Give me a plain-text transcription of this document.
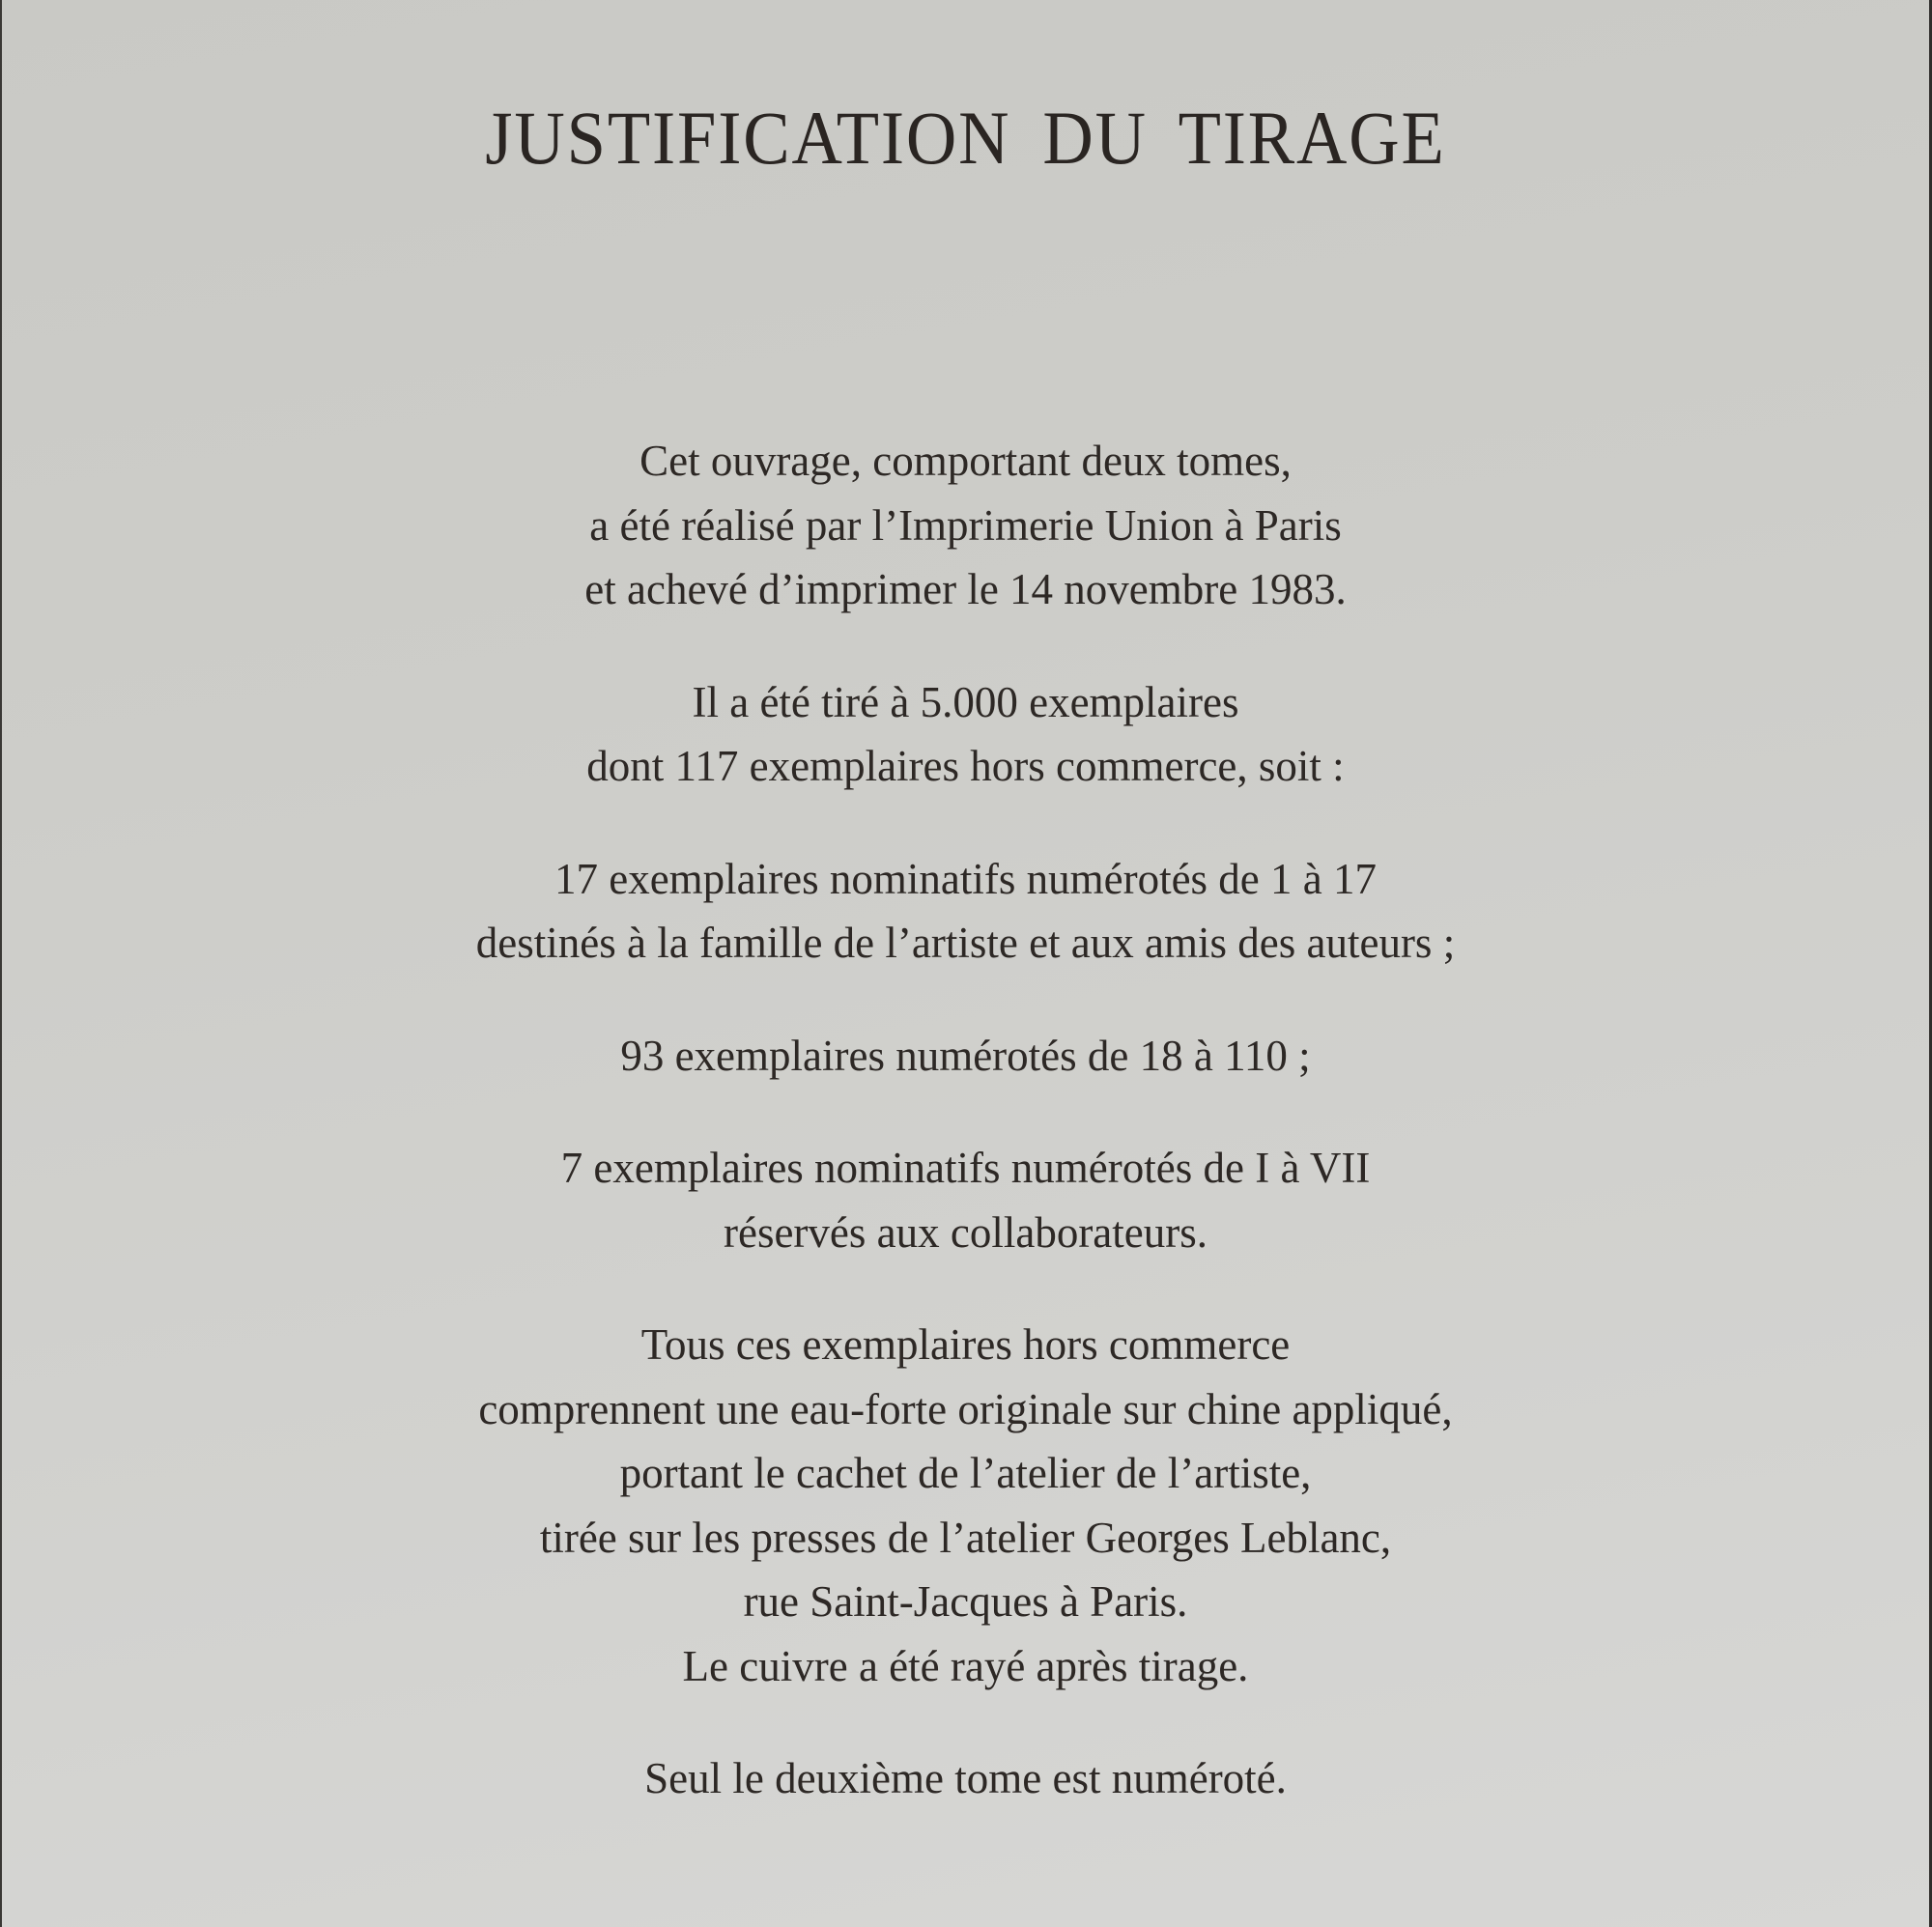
JUSTIFICATION DU TIRAGE

Cet ouvrage, comportant deux tomes,
a été réalisé par l’Imprimerie Union à Paris
et achevé d’imprimer le 14 novembre 1983.

Il a été tiré à 5.000 exemplaires
dont 117 exemplaires hors commerce, soit :

17 exemplaires nominatifs numérotés de 1 à 17
destinés à la famille de l’artiste et aux amis des auteurs ;

93 exemplaires numérotés de 18 à 110 ;

7 exemplaires nominatifs numérotés de I à VII
réservés aux collaborateurs.

Tous ces exemplaires hors commerce
comprennent une eau-forte originale sur chine appliqué,
portant le cachet de l’atelier de l’artiste,
tirée sur les presses de l’atelier Georges Leblanc,
rue Saint-Jacques à Paris.
Le cuivre a été rayé après tirage.

Seul le deuxième tome est numéroté.
